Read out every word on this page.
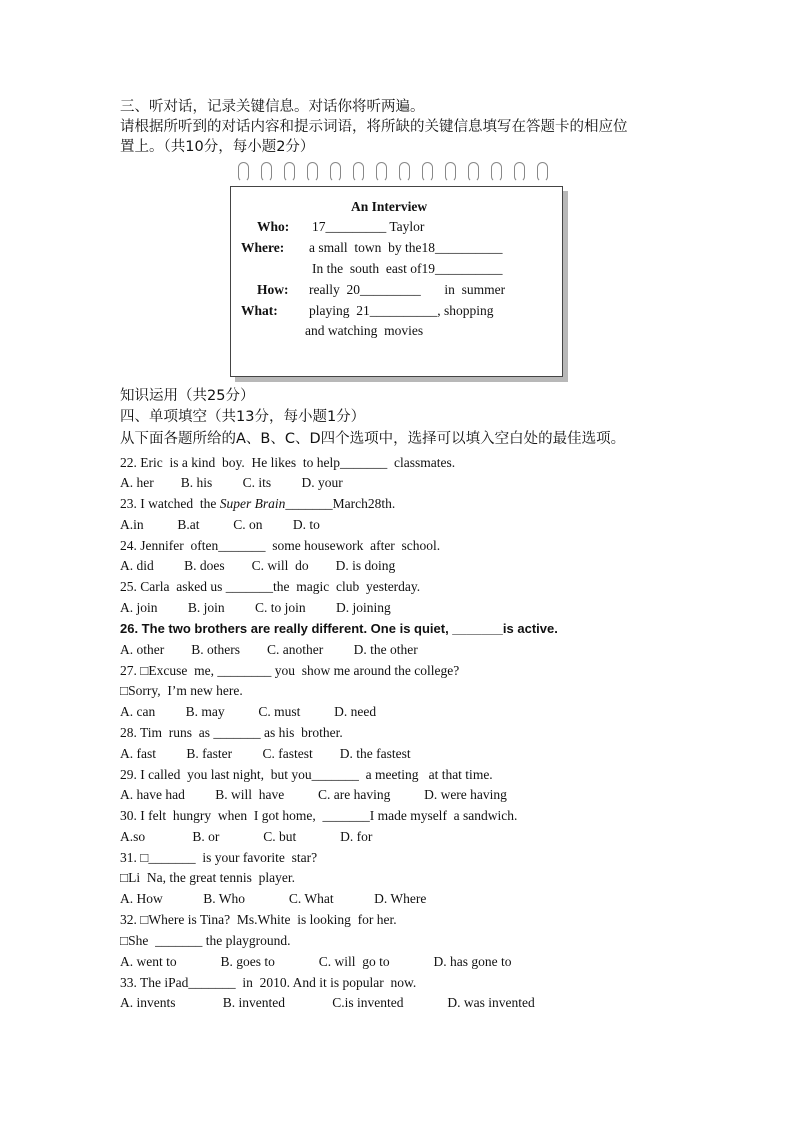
三、听对话，记录关键信息。对话你将听两遍。
请根据所听到的对话内容和提示词语，将所缺的关键信息填写在答题卡的相应位
置上。（共10分，每小题2分）
An Interview
Who: 17_________ Taylor
Where: a small  town  by the18__________
In the  south  east of19__________
How: really  20_________       in  summer
What: playing  21__________, shopping
and watching  movies
知识运用（共25分）
四、单项填空（共13分，每小题1分）
从下面各题所给的A、B、C、D四个选项中，选择可以填入空白处的最佳选项。
22. Eric  is a kind  boy.  He likes  to help_______  classmates.
A. her        B. his         C. its         D. your
23. I watched  the Super Brain_______March28th.
A.in          B.at          C. on         D. to
24. Jennifer  often_______  some housework  after  school.
A. did         B. does        C. will  do        D. is doing
25. Carla  asked us _______the  magic  club  yesterday.
A. join         B. join         C. to join         D. joining
26. The two brothers are really different. One is quiet, _______is active.
A. other        B. others        C. another         D. the other
27. □Excuse  me, ________ you  show me around the college?
□Sorry,  I’m new here.
A. can         B. may          C. must          D. need
28. Tim  runs  as _______ as his  brother.
A. fast         B. faster         C. fastest        D. the fastest
29. I called  you last night,  but you_______  a meeting   at that time.
A. have had         B. will  have          C. are having          D. were having
30. I felt  hungry  when  I got home,  _______I made myself  a sandwich.
A.so              B. or             C. but             D. for
31. □_______  is your favorite  star?
□Li  Na, the great tennis  player.
A. How            B. Who             C. What            D. Where
32. □Where is Tina?  Ms.White  is looking  for her.
□She  _______ the playground.
A. went to             B. goes to             C. will  go to             D. has gone to
33. The iPad_______  in  2010. And it is popular  now.
A. invents              B. invented              C.is invented             D. was invented
